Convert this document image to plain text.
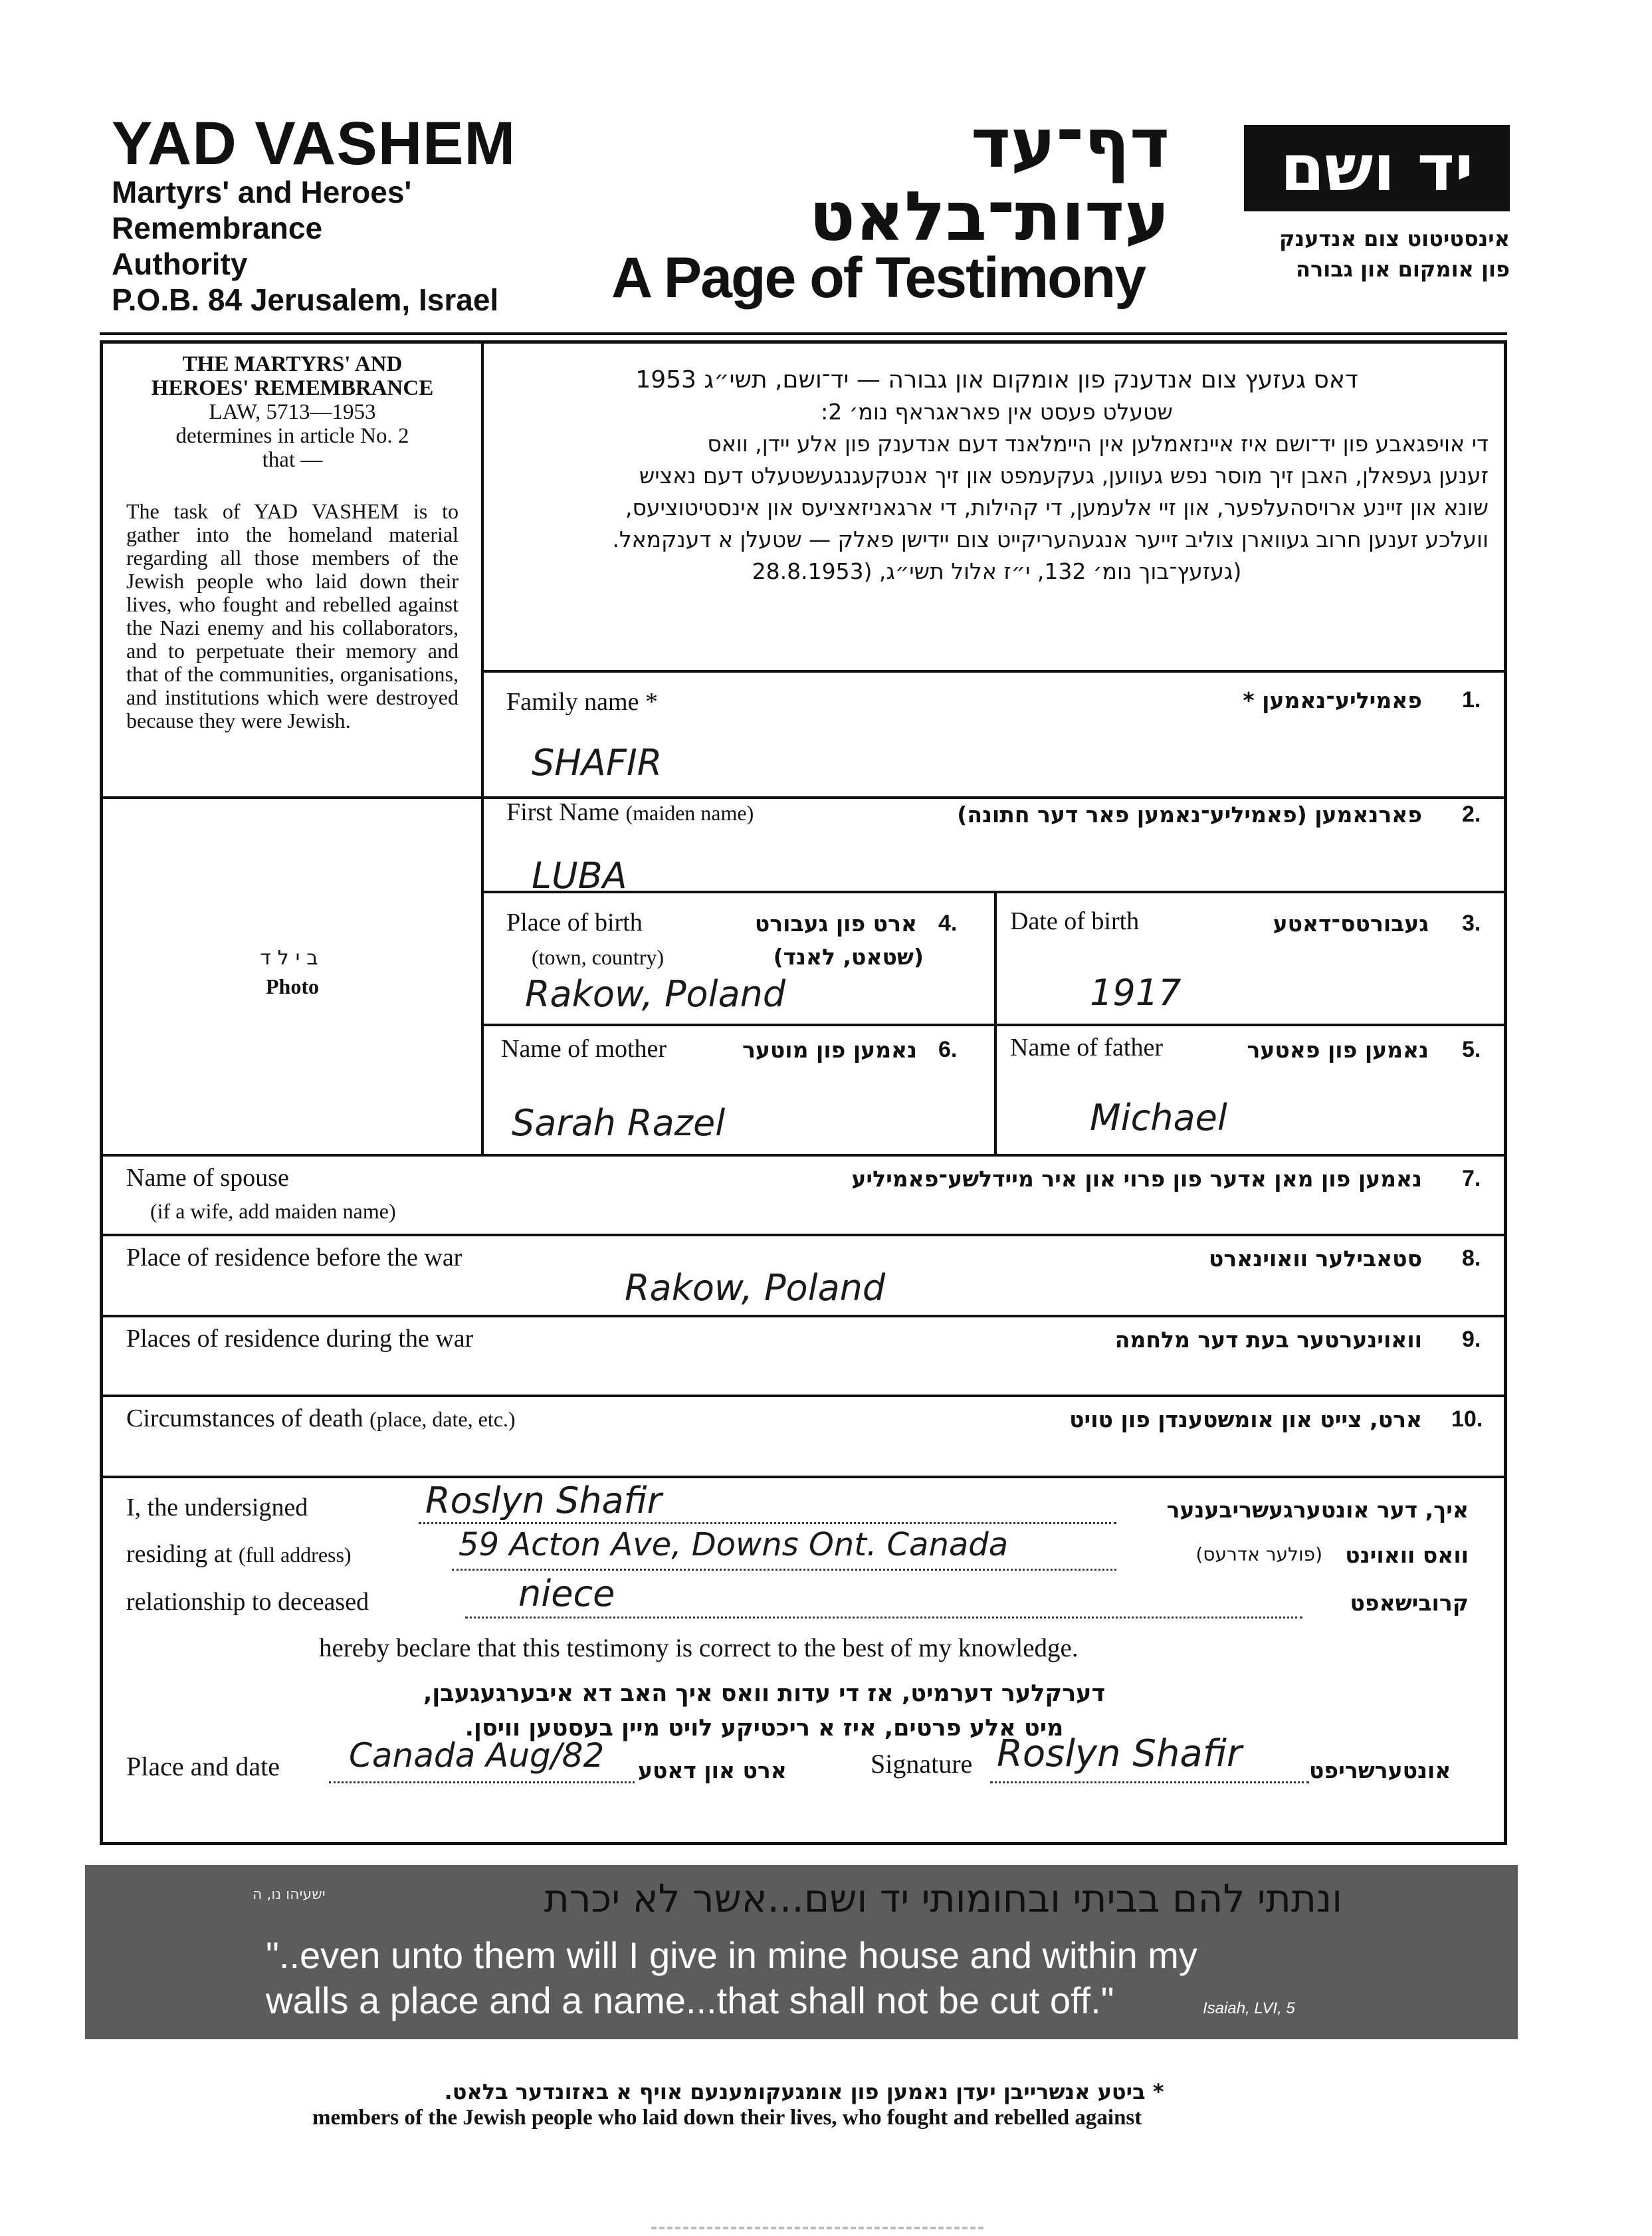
YAD VASHEM
Martyrs' and Heroes'
Remembrance
Authority
P.O.B. 84 Jerusalem, Israel
דף־עד
עדות־בלאט
A Page of Testimony
יד ושם
אינסטיטוט צום אנדענק
פון אומקום און גבורה
THE MARTYRS' AND
HEROES' REMEMBRANCE
LAW, 5713—1953
determines in article No. 2
that —
The task of YAD VASHEM is to gather into the homeland material regarding all those members of the Jewish people who laid down their lives, who fought and rebelled against the Nazi enemy and his collaborators, and to perpetuate their memory and that of the communities, organisations, and institutions which were destroyed because they were Jewish.
דאס געזעץ צום אנדענק פון אומקום און גבורה — יד־ושם, תשי״ג 1953
שטעלט פעסט אין פאראגראף נומ׳ 2:
די אויפגאבע פון יד־ושם איז איינזאמלען אין היימלאנד דעם אנדענק פון אלע יידן, וואס
זענען געפאלן, האבן זיך מוסר נפש געווען, געקעמפט און זיך אנטקעגנגעשטעלט דעם נאציש
שונא און זיינע ארויסהעלפער, און זיי אלעמען, די קהילות, די ארגאניזאציעס און אינסטיטוציעס,
וועלכע זענען חרוב געווארן צוליב זייער אנגעהעריקייט צום יידישן פאלק — שטעלן א דענקמאל.
(געזעץ־בוך נומ׳ 132, י״ז אלול תשי״ג, (28.8.1953
בילד
Photo
Family name *	פאמיליע־נאמען * 1.
SHAFIR
First Name (maiden name)	פארנאמען (פאמיליע־נאמען פאר דער חתונה) 2.
LUBA
Place of birth	ארט פון געבורט 4.
(town, country)	(שטאט, לאנד)
Rakow, Poland
Date of birth	געבורטס־דאטע 3.
1917
Name of mother	נאמען פון מוטער 6.
Sarah Razel
Name of father	נאמען פון פאטער 5.
Michael
Name of spouse
(if a wife, add maiden name)
נאמען פון מאן אדער פון פרוי און איר מיידלשע־פאמיליע 7.
Place of residence before the war	סטאבילער וואוינארט 8.
Rakow, Poland
Places of residence during the war	וואוינערטער בעת דער מלחמה 9.
Circumstances of death (place, date, etc.)	ארט, צייט און אומשטענדן פון טויט 10.
I, the undersigned	Roslyn Shafir	איך, דער אונטערגעשריבענער
residing at (full address)	59 Acton Ave, Downs Ont. Canada	(פולער אדרעס)	וואס וואוינט
relationship to deceased	niece	קרובישאפט
hereby beclare that this testimony is correct to the best of my knowledge.
דערקלער דערמיט, אז די עדות וואס איך האב דא איבערגעגעבן,
מיט אלע פרטים, איז א ריכטיקע לויט מיין בעסטען וויסן.
Place and date Canada Aug/82 ארט און דאטע	Signature Roslyn Shafir	אונטערשריפט
ונתתי להם בביתי ובחומותי יד ושם...אשר לא יכרת
ישעיהו נו, ה
"..even unto them will I give in mine house and within my
walls a place and a name...that shall not be cut off."	Isaiah, LVI, 5
* ביטע אנשרייבן יעדן נאמען פון אומגעקומענעם אויף א באזונדער בלאט.
members of the Jewish people who laid down their lives, who fought and rebelled against
